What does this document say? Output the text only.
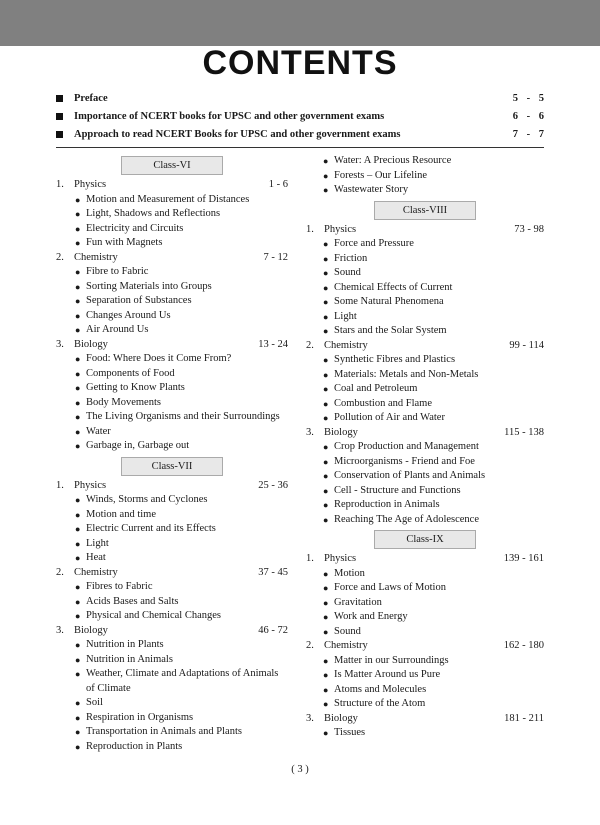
CONTENTS
Preface	5 - 5
Importance of NCERT books for UPSC and other government exams	6 - 6
Approach to read NCERT Books for UPSC and other government exams	7 - 7
Class-VI
1. Physics	1 - 6
● Motion and Measurement of Distances
● Light, Shadows and Reflections
● Electricity and Circuits
● Fun with Magnets
2. Chemistry	7 - 12
● Fibre to Fabric
● Sorting Materials into Groups
● Separation of Substances
● Changes Around Us
● Air Around Us
3. Biology	13 - 24
● Food: Where Does it Come From?
● Components of Food
● Getting to Know Plants
● Body Movements
● The Living Organisms and their Surroundings
● Water
● Garbage in, Garbage out
Class-VII
1. Physics	25 - 36
● Winds, Storms and Cyclones
● Motion and time
● Electric Current and its Effects
● Light
● Heat
2. Chemistry	37 - 45
● Fibres to Fabric
● Acids Bases and Salts
● Physical and Chemical Changes
3. Biology	46 - 72
● Nutrition in Plants
● Nutrition in Animals
● Weather, Climate and Adaptations of Animals of Climate
● Soil
● Respiration in Organisms
● Transportation in Animals and Plants
● Reproduction in Plants
● Water: A Precious Resource
● Forests – Our Lifeline
● Wastewater Story
Class-VIII
1. Physics	73 - 98
● Force and Pressure
● Friction
● Sound
● Chemical Effects of Current
● Some Natural Phenomena
● Light
● Stars and the Solar System
2. Chemistry	99 - 114
● Synthetic Fibres and Plastics
● Materials: Metals and Non-Metals
● Coal and Petroleum
● Combustion and Flame
● Pollution of Air and Water
3. Biology	115 - 138
● Crop Production and Management
● Microorganisms - Friend and Foe
● Conservation of Plants and Animals
● Cell - Structure and Functions
● Reproduction in Animals
● Reaching The Age of Adolescence
Class-IX
1. Physics	139 - 161
● Motion
● Force and Laws of Motion
● Gravitation
● Work and Energy
● Sound
2. Chemistry	162 - 180
● Matter in our Surroundings
● Is Matter Around us Pure
● Atoms and Molecules
● Structure of the Atom
3. Biology	181 - 211
● Tissues
( 3 )
